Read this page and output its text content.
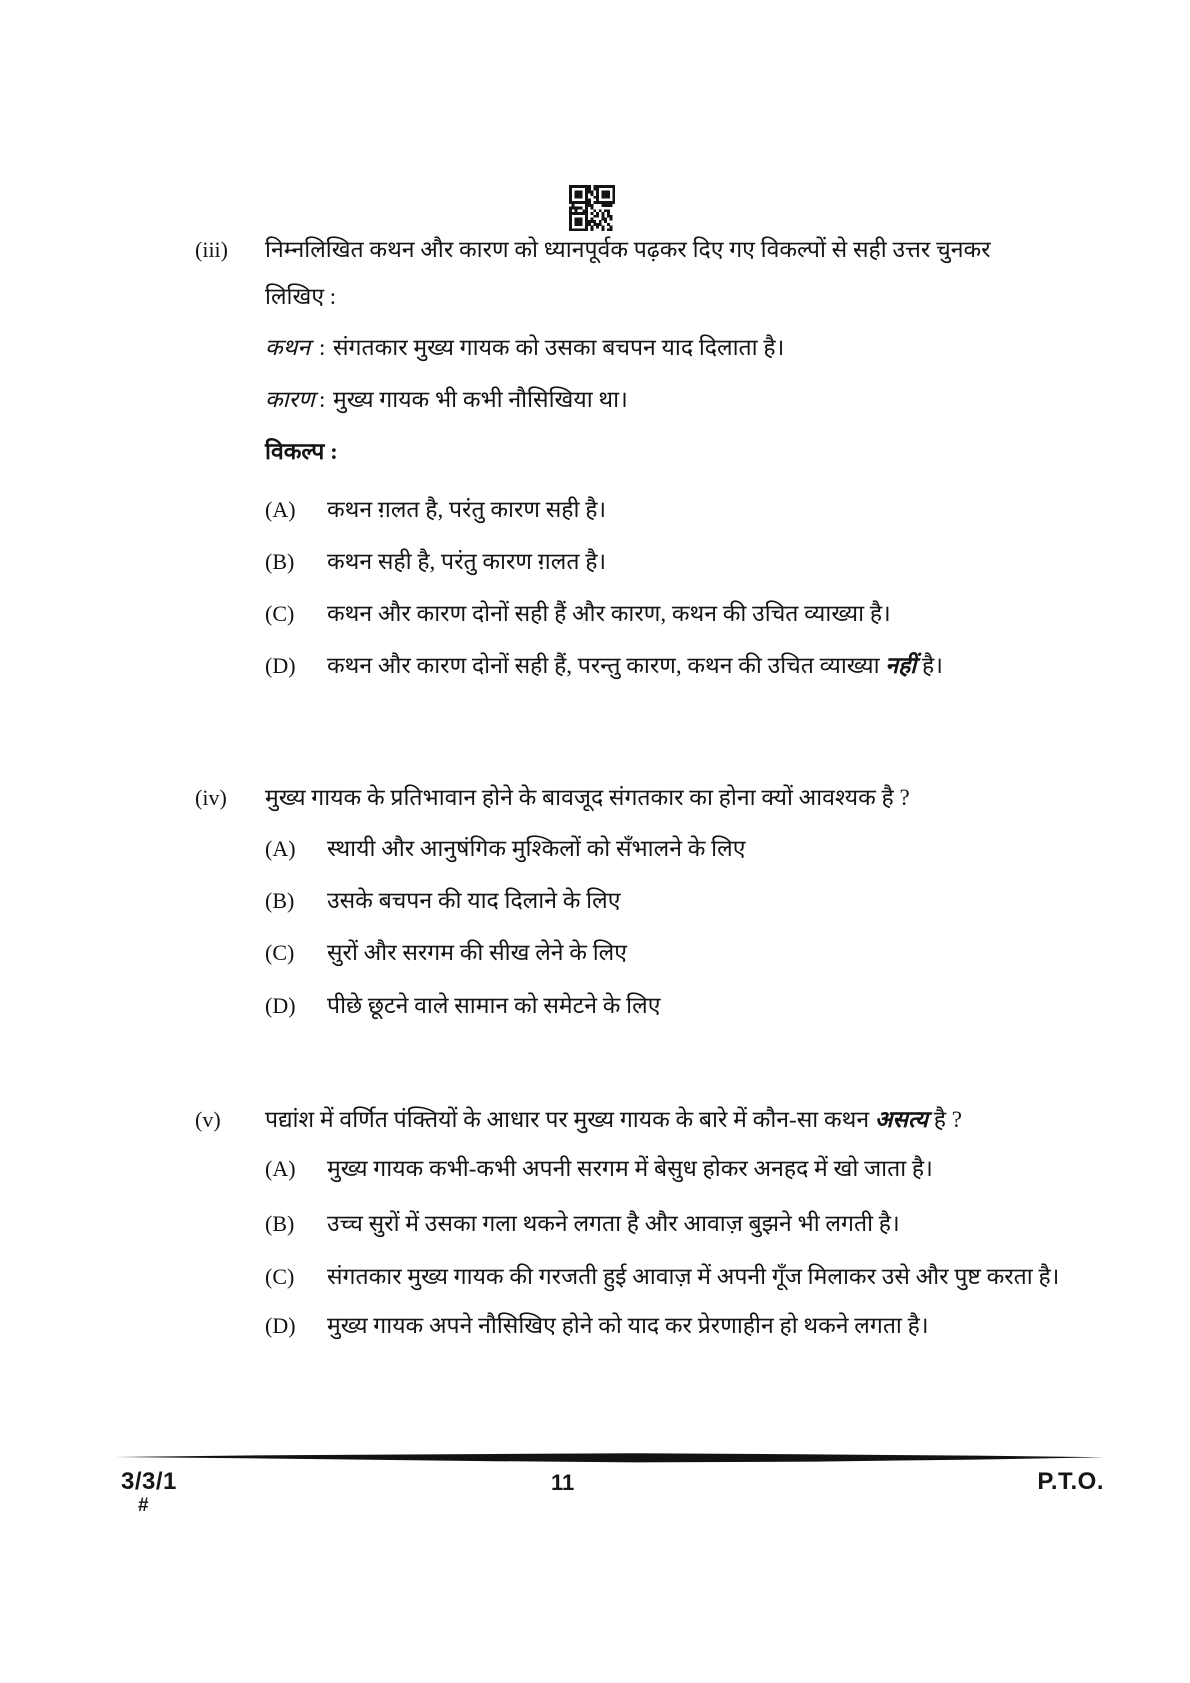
(iii)	निम्नलिखित कथन और कारण को ध्यानपूर्वक पढ़कर दिए गए विकल्पों से सही उत्तर चुनकर लिखिए :
कथन : संगतकार मुख्य गायक को उसका बचपन याद दिलाता है।
कारण : मुख्य गायक भी कभी नौसिखिया था।
विकल्प :
(A)	कथन ग़लत है, परंतु कारण सही है।
(B)	कथन सही है, परंतु कारण ग़लत है।
(C)	कथन और कारण दोनों सही हैं और कारण, कथन की उचित व्याख्या है।
(D)	कथन और कारण दोनों सही हैं, परन्तु कारण, कथन की उचित व्याख्या नहीं है।
(iv)	मुख्य गायक के प्रतिभावान होने के बावजूद संगतकार का होना क्यों आवश्यक है ?
(A)	स्थायी और आनुषंगिक मुश्किलों को सँभालने के लिए
(B)	उसके बचपन की याद दिलाने के लिए
(C)	सुरों और सरगम की सीख लेने के लिए
(D)	पीछे छूटने वाले सामान को समेटने के लिए
(v)	पद्यांश में वर्णित पंक्तियों के आधार पर मुख्य गायक के बारे में कौन-सा कथन असत्य है ?
(A)	मुख्य गायक कभी-कभी अपनी सरगम में बेसुध होकर अनहद में खो जाता है।
(B)	उच्च सुरों में उसका गला थकने लगता है और आवाज़ बुझने भी लगती है।
(C)	संगतकार मुख्य गायक की गरजती हुई आवाज़ में अपनी गूँज मिलाकर उसे और पुष्ट करता है।
(D)	मुख्य गायक अपने नौसिखिए होने को याद कर प्रेरणाहीन हो थकने लगता है।
3/3/1
#
11	P.T.O.
